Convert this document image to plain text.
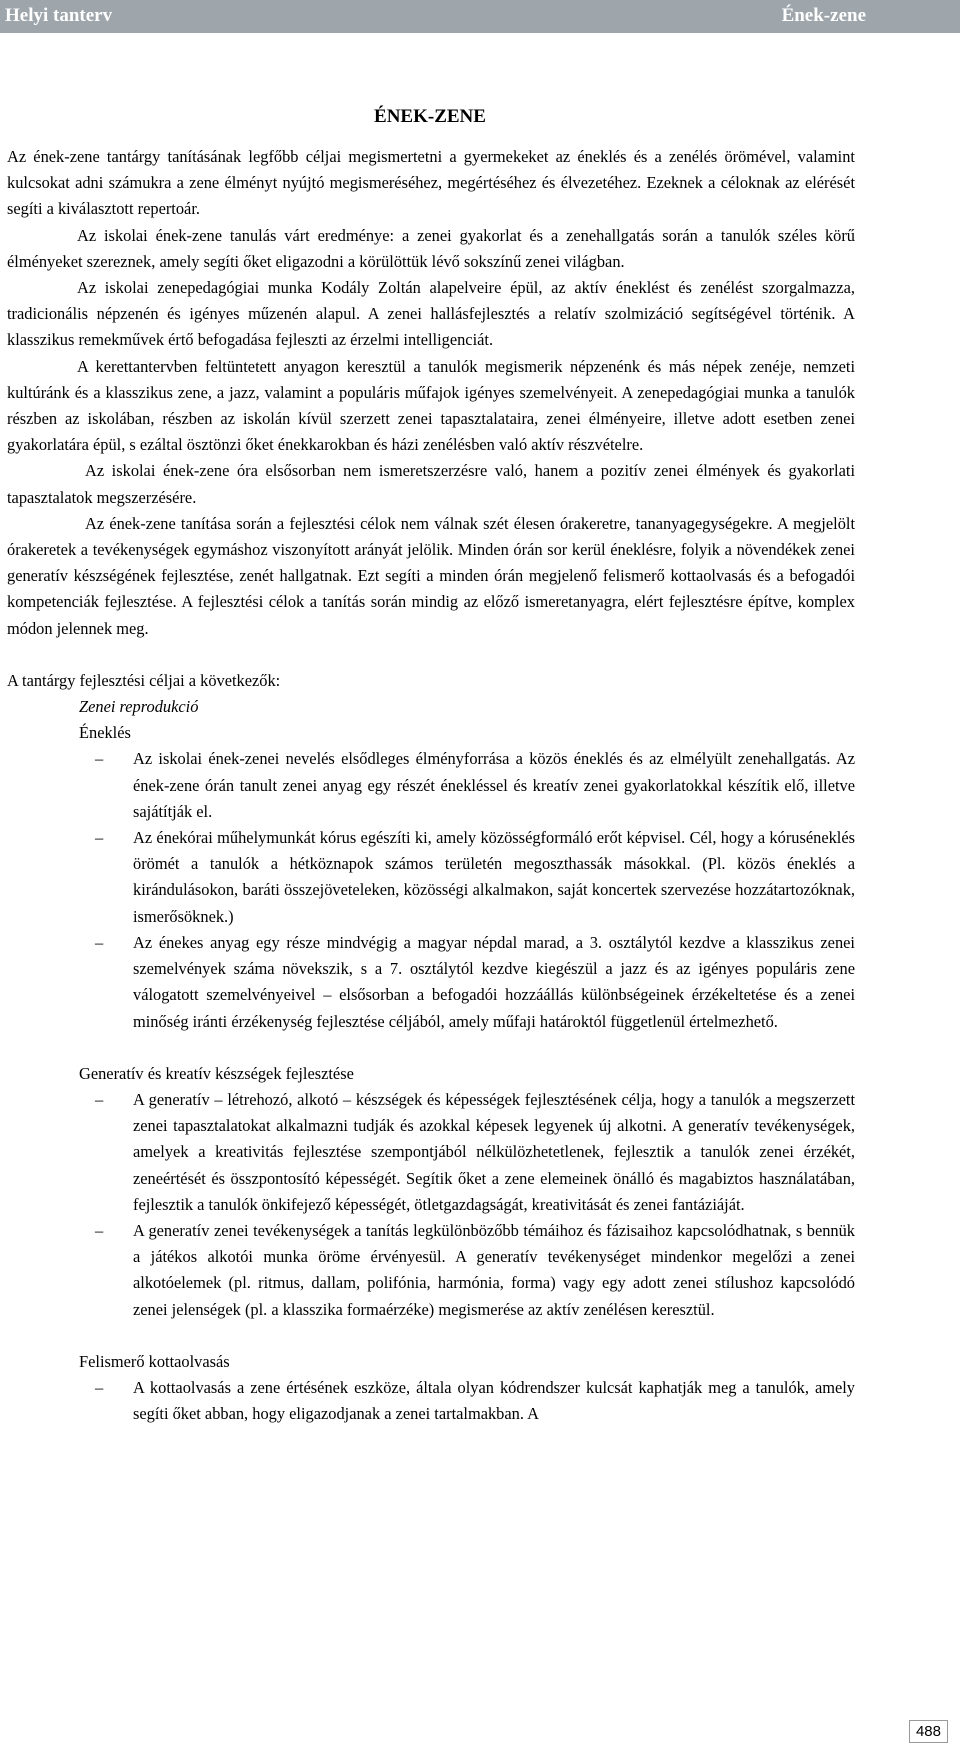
Helyi tanterv	Ének-zene
ÉNEK-ZENE

Az ének-zene tantárgy tanításának legfőbb céljai megismertetni a gyermekeket az éneklés és a zenélés örömével, valamint kulcsokat adni számukra a zene élményt nyújtó megismeréséhez, megértéséhez és élvezetéhez. Ezeknek a céloknak az elérését segíti a kiválasztott repertoár.

Az iskolai ének-zene tanulás várt eredménye: a zenei gyakorlat és a zenehallgatás során a tanulók széles körű élményeket szereznek, amely segíti őket eligazodni a körülöttük lévő sokszínű zenei világban.

Az iskolai zenepedagógiai munka Kodály Zoltán alapelveire épül, az aktív éneklést és zenélést szorgalmazza, tradicionális népzenén és igényes műzenén alapul. A zenei hallásfejlesztés a relatív szolmizáció segítségével történik. A klasszikus remekművek értő befogadása fejleszti az érzelmi intelligenciát.

A kerettantervben feltüntetett anyagon keresztül a tanulók megismerik népzenénk és más népek zenéje, nemzeti kultúránk és a klasszikus zene, a jazz, valamint a populáris műfajok igényes szemelvényeit. A zenepedagógiai munka a tanulók részben az iskolában, részben az iskolán kívül szerzett zenei tapasztalataira, zenei élményeire, illetve adott esetben zenei gyakorlatára épül, s ezáltal ösztönzi őket énekkarokban és házi zenélésben való aktív részvételre.

Az iskolai ének-zene óra elsősorban nem ismeretszerzésre való, hanem a pozitív zenei élmények és gyakorlati tapasztalatok megszerzésére.

Az ének-zene tanítása során a fejlesztési célok nem válnak szét élesen órakeretre, tananyagegységekre. A megjelölt órakeretek a tevékenységek egymáshoz viszonyított arányát jelölik. Minden órán sor kerül éneklésre, folyik a növendékek zenei generatív készségének fejlesztése, zenét hallgatnak. Ezt segíti a minden órán megjelenő felismerő kottaolvasás és a befogadói kompetenciák fejlesztése. A fejlesztési célok a tanítás során mindig az előző ismeretanyagra, elért fejlesztésre építve, komplex módon jelennek meg.

A tantárgy fejlesztési céljai a következők:

Zenei reprodukció

Éneklés

– Az iskolai ének-zenei nevelés elsődleges élményforrása a közös éneklés és az elmélyült zenehallgatás. Az ének-zene órán tanult zenei anyag egy részét énekléssel és kreatív zenei gyakorlatokkal készítik elő, illetve sajátítják el.
– Az énekórai műhelymunkát kórus egészíti ki, amely közösségformáló erőt képvisel. Cél, hogy a kóruséneklés örömét a tanulók a hétköznapok számos területén megoszthassák másokkal. (Pl. közös éneklés a kirándulásokon, baráti összejöveteleken, közösségi alkalmakon, saját koncertek szervezése hozzátartozóknak, ismerősöknek.)
– Az énekes anyag egy része mindvégig a magyar népdal marad, a 3. osztálytól kezdve a klasszikus zenei szemelvények száma növekszik, s a 7. osztálytól kezdve kiegészül a jazz és az igényes populáris zene válogatott szemelvényeivel – elsősorban a befogadói hozzáállás különbségeinek érzékeltetése és a zenei minőség iránti érzékenység fejlesztése céljából, amely műfaji határoktól függetlenül értelmezhető.

Generatív és kreatív készségek fejlesztése

– A generatív – létrehozó, alkotó – készségek és képességek fejlesztésének célja, hogy a tanulók a megszerzett zenei tapasztalatokat alkalmazni tudják és azokkal képesek legyenek új alkotni. A generatív tevékenységek, amelyek a kreativitás fejlesztése szempontjából nélkülözhetetlenek, fejlesztik a tanulók zenei érzékét, zeneértését és összpontosító képességét. Segítik őket a zene elemeinek önálló és magabiztos használatában, fejlesztik a tanulók önkifejező képességét, ötletgazdagságát, kreativitását és zenei fantáziáját.
– A generatív zenei tevékenységek a tanítás legkülönbözőbb témáihoz és fázisaihoz kapcsolódhatnak, s bennük a játékos alkotói munka öröme érvényesül. A generatív tevékenységet mindenkor megelőzi a zenei alkotóelemek (pl. ritmus, dallam, polifónia, harmónia, forma) vagy egy adott zenei stílushoz kapcsolódó zenei jelenségek (pl. a klasszika formaérzéke) megismerése az aktív zenélésen keresztül.

Felismerő kottaolvasás

– A kottaolvasás a zene értésének eszköze, általa olyan kódrendszer kulcsát kaphatják meg a tanulók, amely segíti őket abban, hogy eligazodjanak a zenei tartalmakban. A
488
